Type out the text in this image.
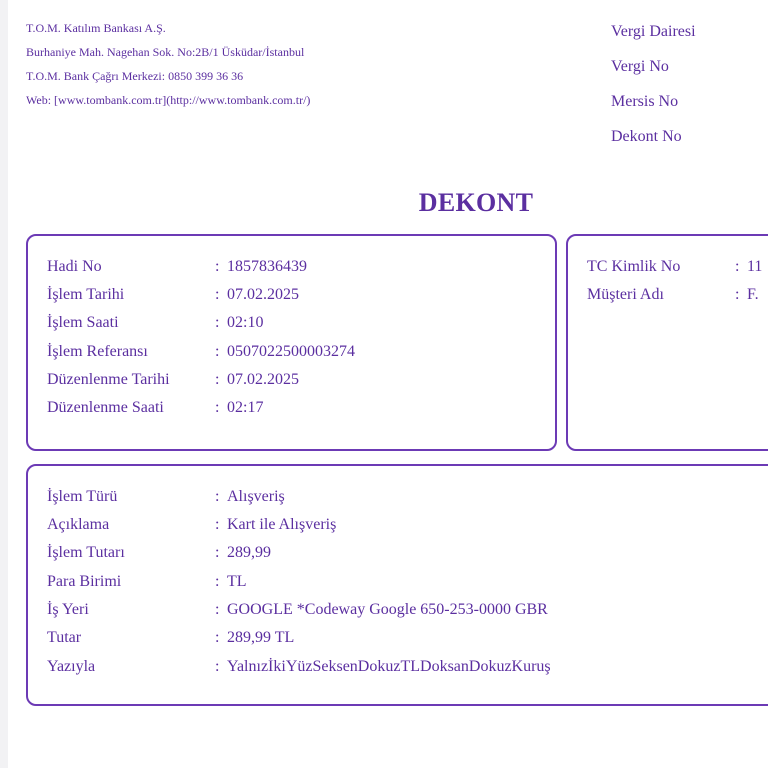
T.O.M. Katılım Bankası A.Ş.
Burhaniye Mah. Nagehan Sok. No:2B/1 Üsküdar/İstanbul
T.O.M. Bank Çağrı Merkezi: 0850 399 36 36
Web: [www.tombank.com.tr](http://www.tombank.com.tr/)
Vergi Dairesi
Vergi No
Mersis No
Dekont No
DEKONT
Hadi No	: 1857836439
İşlem Tarihi	: 07.02.2025
İşlem Saati	: 02:10
İşlem Referansı	: 0507022500003274
Düzenlenme Tarihi	: 07.02.2025
Düzenlenme Saati	: 02:17
TC Kimlik No	: 11
Müşteri Adı	: F.
İşlem Türü	: Alışveriş
Açıklama	: Kart ile Alışveriş
İşlem Tutarı	: 289,99
Para Birimi	: TL
İş Yeri	: GOOGLE *Codeway Google 650-253-0000 GBR
Tutar	: 289,99 TL
Yazıyla	: YalnızİkiYüzSeksenDokuzTLDoksanDokuzKuruş
